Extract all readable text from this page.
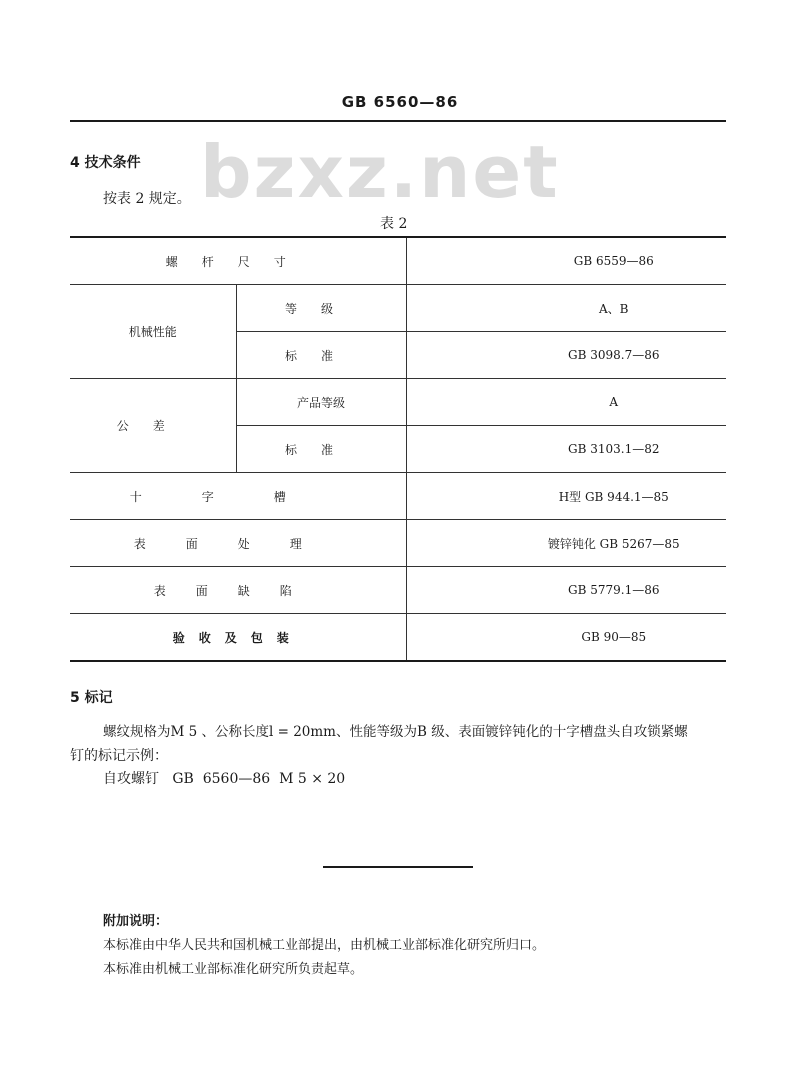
GB 6560—86
bzxz.net
4 技术条件
按表 2 规定。
表 2
螺杆尺寸		GB 6559—86
机械性能	等级	A、B
	标准	GB 3098.7—86
公差	产品等级	A
	标准	GB 3103.1—82
十字槽		H型 GB 944.1—85
表面处理		镀锌钝化 GB 5267—85
表面缺陷		GB 5779.1—86
验收及包装		GB 90—85
5 标记
螺纹规格为M 5 、公称长度l = 20mm、性能等级为B 级、表面镀锌钝化的十字槽盘头自攻锁紧螺
钉的标记示例：
自攻螺钉   GB  6560—86  M 5 × 20
附加说明：
本标准由中华人民共和国机械工业部提出，由机械工业部标准化研究所归口。
本标准由机械工业部标准化研究所负责起草。
